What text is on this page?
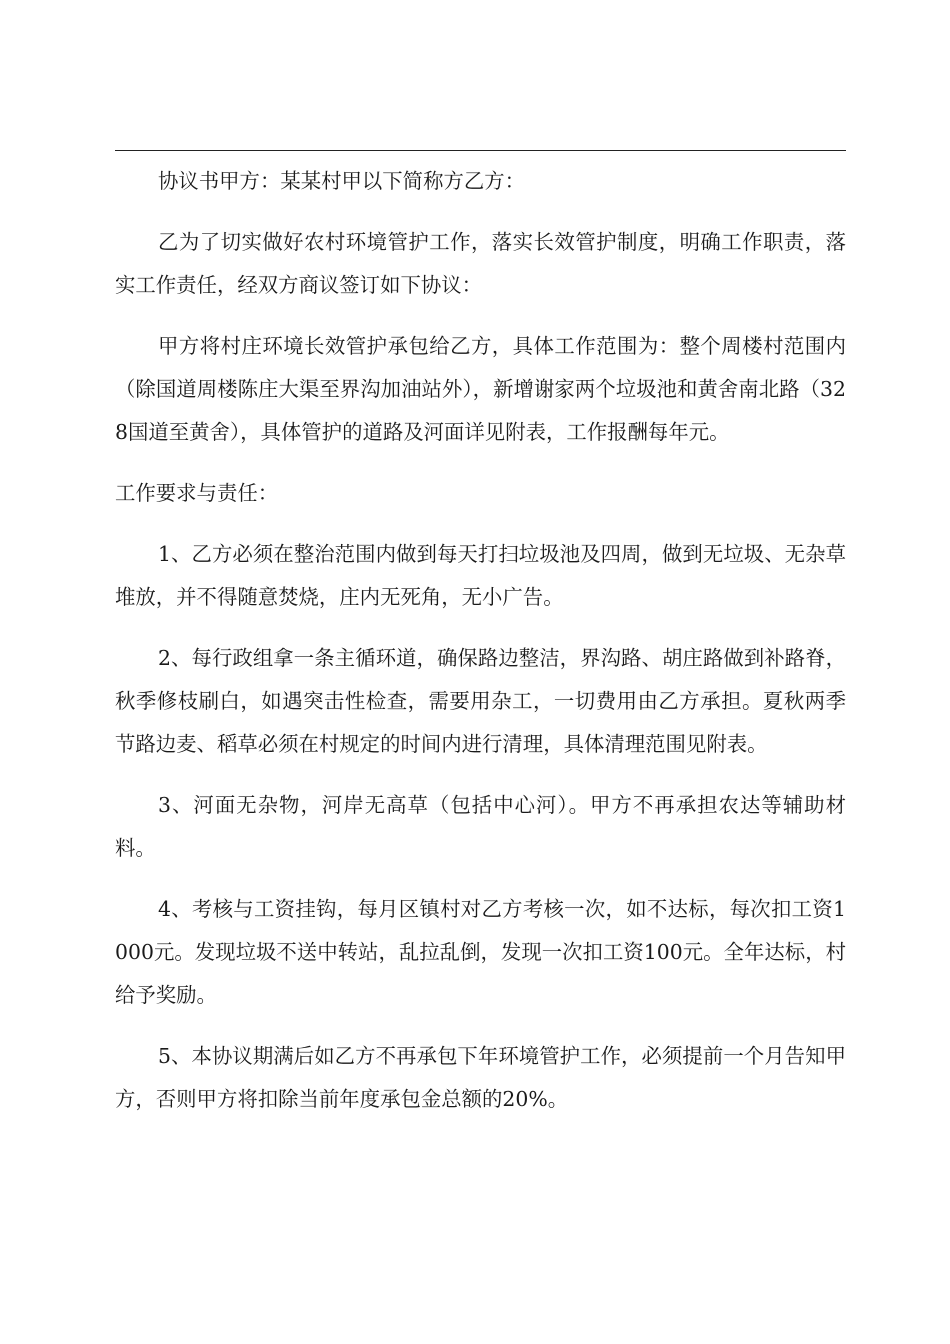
协议书甲方：某某村甲以下简称方乙方：

乙为了切实做好农村环境管护工作，落实长效管护制度，明确工作职责，落实工作责任，经双方商议签订如下协议：

甲方将村庄环境长效管护承包给乙方，具体工作范围为：整个周楼村范围内（除国道周楼陈庄大渠至界沟加油站外），新增谢家两个垃圾池和黄舍南北路（328国道至黄舍），具体管护的道路及河面详见附表，工作报酬每年元。

工作要求与责任：

1、乙方必须在整治范围内做到每天打扫垃圾池及四周，做到无垃圾、无杂草堆放，并不得随意焚烧，庄内无死角，无小广告。

2、每行政组拿一条主循环道，确保路边整洁，界沟路、胡庄路做到补路脊，秋季修枝刷白，如遇突击性检查，需要用杂工，一切费用由乙方承担。夏秋两季节路边麦、稻草必须在村规定的时间内进行清理，具体清理范围见附表。

3、河面无杂物，河岸无高草（包括中心河）。甲方不再承担农达等辅助材料。

4、考核与工资挂钩，每月区镇村对乙方考核一次，如不达标，每次扣工资1000元。发现垃圾不送中转站，乱拉乱倒，发现一次扣工资100元。全年达标，村给予奖励。

5、本协议期满后如乙方不再承包下年环境管护工作，必须提前一个月告知甲方，否则甲方将扣除当前年度承包金总额的20%。
